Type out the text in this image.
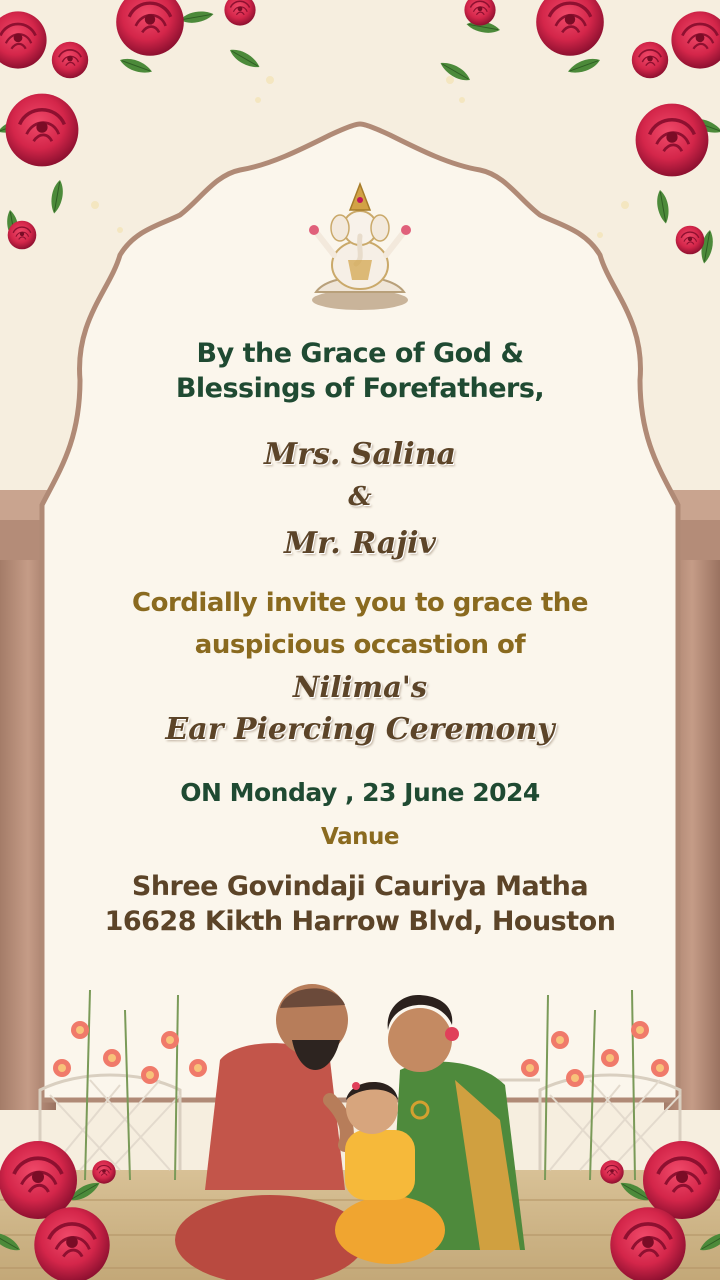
By the Grace of God &

Blessings of Forefathers,

Mrs. Salina

&

Mr. Rajiv

Cordially invite you to grace the

auspicious occastion of

Nilima's

Ear Piercing Ceremony

ON Monday , 23 June 2024

Vanue

Shree Govindaji Cauriya Matha

16628 Kikth Harrow Blvd, Houston
